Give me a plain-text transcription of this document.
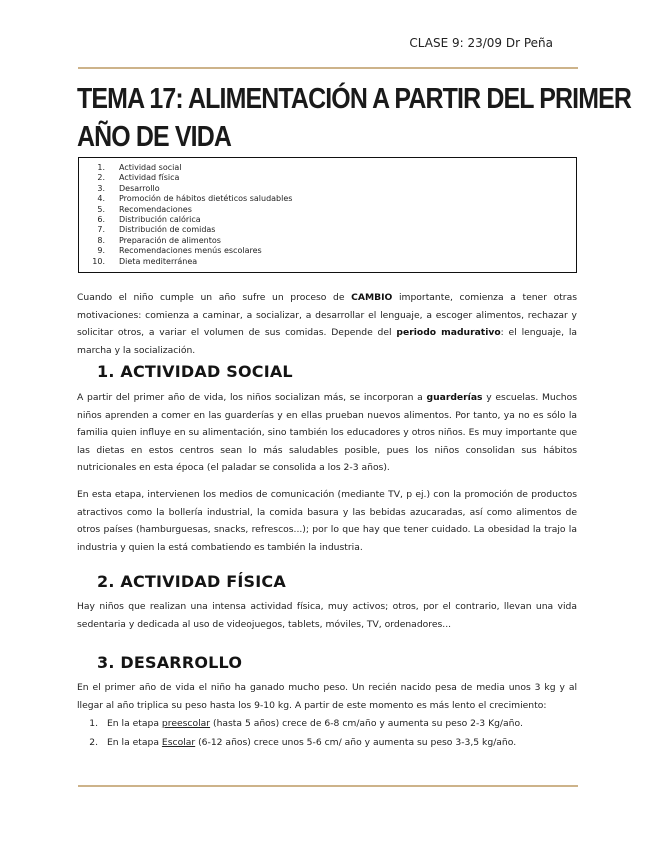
CLASE 9: 23/09 Dr Peña
TEMA 17: ALIMENTACIÓN A PARTIR DEL PRIMER
AÑO DE VIDA
1.	Actividad social
2.	Actividad física
3.	Desarrollo
4.	Promoción de hábitos dietéticos saludables
5.	Recomendaciones
6.	Distribución calórica
7.	Distribución de comidas
8.	Preparación de alimentos
9.	Recomendaciones menús escolares
10.	Dieta mediterránea
Cuando el niño cumple un año sufre un proceso de CAMBIO importante, comienza a tener otras motivaciones: comienza a caminar, a socializar, a desarrollar el lenguaje, a escoger alimentos, rechazar y solicitar otros, a variar el volumen de sus comidas. Depende del periodo madurativo: el lenguaje, la marcha y la socialización.
1. ACTIVIDAD SOCIAL
A partir del primer año de vida, los niños socializan más, se incorporan a guarderías y escuelas. Muchos niños aprenden a comer en las guarderías y en ellas prueban nuevos alimentos. Por tanto, ya no es sólo la familia quien influye en su alimentación, sino también los educadores y otros niños. Es muy importante que las dietas en estos centros sean lo más saludables posible, pues los niños consolidan sus hábitos nutricionales en esta época (el paladar se consolida a los 2-3 años).
En esta etapa, intervienen los medios de comunicación (mediante TV, p ej.) con la promoción de productos atractivos como la bollería industrial, la comida basura y las bebidas azucaradas, así como alimentos de otros países (hamburguesas, snacks, refrescos...); por lo que hay que tener cuidado. La obesidad la trajo la industria y quien la está combatiendo es también la industria.
2. ACTIVIDAD FÍSICA
Hay niños que realizan una intensa actividad física, muy activos; otros, por el contrario, llevan una vida sedentaria y dedicada al uso de videojuegos, tablets, móviles, TV, ordenadores...
3. DESARROLLO
En el primer año de vida el niño ha ganado mucho peso. Un recién nacido pesa de media unos 3 kg y al llegar al año triplica su peso hasta los 9-10 kg. A partir de este momento es más lento el crecimiento:
1. En la etapa preescolar (hasta 5 años) crece de 6-8 cm/año y aumenta su peso 2-3 Kg/año.
2. En la etapa Escolar (6-12 años) crece unos 5-6 cm/ año y aumenta su peso 3-3,5 kg/año.
